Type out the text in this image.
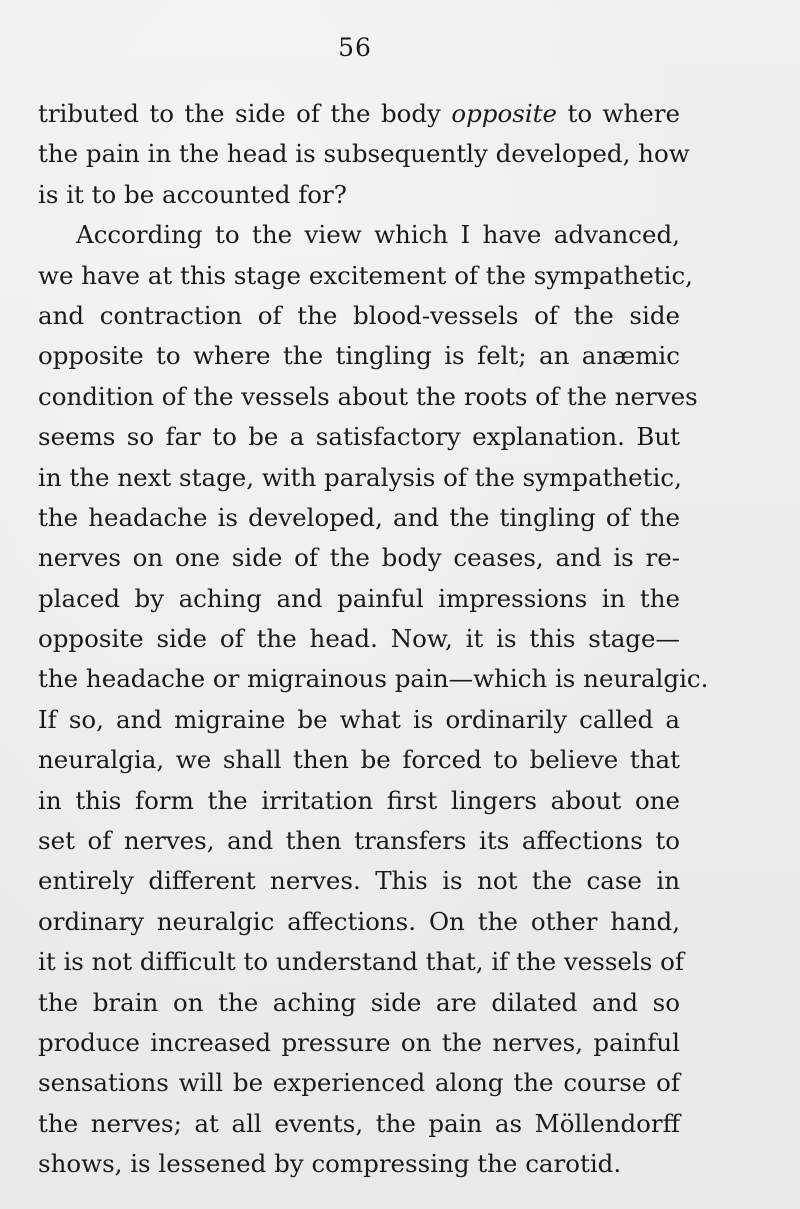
56
tributed to the side of the body opposite to where
the pain in the head is subsequently developed, how
is it to be accounted for?
According to the view which I have advanced,
we have at this stage excitement of the sympathetic,
and contraction of the blood-vessels of the side
opposite to where the tingling is felt; an anæmic
condition of the vessels about the roots of the nerves
seems so far to be a satisfactory explanation. But
in the next stage, with paralysis of the sympathetic,
the headache is developed, and the tingling of the
nerves on one side of the body ceases, and is re-
placed by aching and painful impressions in the
opposite side of the head. Now, it is this stage—
the headache or migrainous pain—which is neuralgic.
If so, and migraine be what is ordinarily called a
neuralgia, we shall then be forced to believe that
in this form the irritation first lingers about one
set of nerves, and then transfers its affections to
entirely different nerves. This is not the case in
ordinary neuralgic affections. On the other hand,
it is not difficult to understand that, if the vessels of
the brain on the aching side are dilated and so
produce increased pressure on the nerves, painful
sensations will be experienced along the course of
the nerves; at all events, the pain as Möllendorff
shows, is lessened by compressing the carotid.
